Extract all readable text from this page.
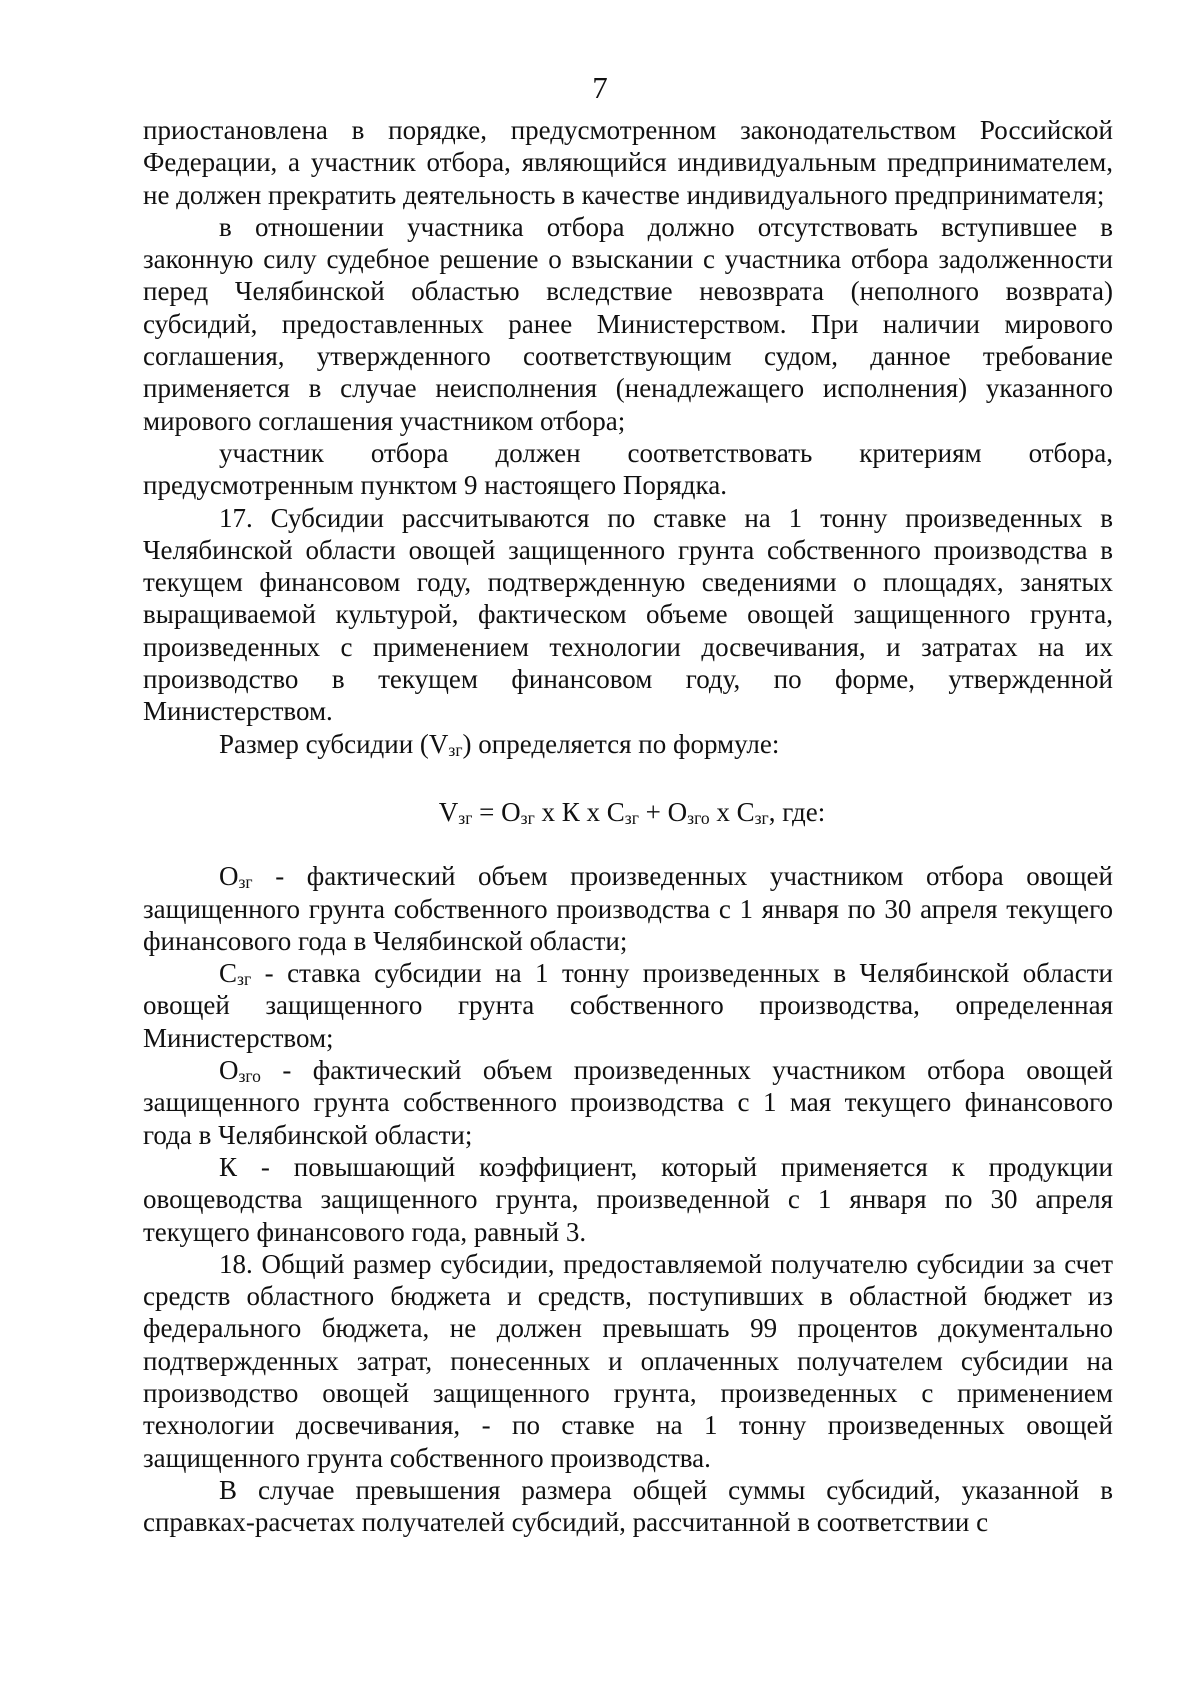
7

приостановлена в порядке, предусмотренном законодательством Российской Федерации, а участник отбора, являющийся индивидуальным предпринимателем, не должен прекратить деятельность в качестве индивидуального предпринимателя;

в отношении участника отбора должно отсутствовать вступившее в законную силу судебное решение о взыскании с участника отбора задолженности перед Челябинской областью вследствие невозврата (неполного возврата) субсидий, предоставленных ранее Министерством. При наличии мирового соглашения, утвержденного соответствующим судом, данное требование применяется в случае неисполнения (ненадлежащего исполнения) указанного мирового соглашения участником отбора;

участник отбора должен соответствовать критериям отбора, предусмотренным пунктом 9 настоящего Порядка.

17. Субсидии рассчитываются по ставке на 1 тонну произведенных в Челябинской области овощей защищенного грунта собственного производства в текущем финансовом году, подтвержденную сведениями о площадях, занятых выращиваемой культурой, фактическом объеме овощей защищенного грунта, произведенных с применением технологии досвечивания, и затратах на их производство в текущем финансовом году, по форме, утвержденной Министерством.

Размер субсидии $(V_{зг})$ определяется по формуле:

$V_{зг} = О_{зг}$ х К х $С_{зг} + О_{зго}$ х $С_{зг}$, где:

$О_{зг}$ - фактический объем произведенных участником отбора овощей защищенного грунта собственного производства с 1 января по 30 апреля текущего финансового года в Челябинской области;

$С_{зг}$ - ставка субсидии на 1 тонну произведенных в Челябинской области овощей защищенного грунта собственного производства, определенная Министерством;

$О_{зго}$ - фактический объем произведенных участником отбора овощей защищенного грунта собственного производства с 1 мая текущего финансового года в Челябинской области;

К - повышающий коэффициент, который применяется к продукции овощеводства защищенного грунта, произведенной с 1 января по 30 апреля текущего финансового года, равный 3.

18. Общий размер субсидии, предоставляемой получателю субсидии за счет средств областного бюджета и средств, поступивших в областной бюджет из федерального бюджета, не должен превышать 99 процентов документально подтвержденных затрат, понесенных и оплаченных получателем субсидии на производство овощей защищенного грунта, произведенных с применением технологии досвечивания, - по ставке на 1 тонну произведенных овощей защищенного грунта собственного производства.

В случае превышения размера общей суммы субсидий, указанной в справках-расчетах получателей субсидий, рассчитанной в соответствии с
